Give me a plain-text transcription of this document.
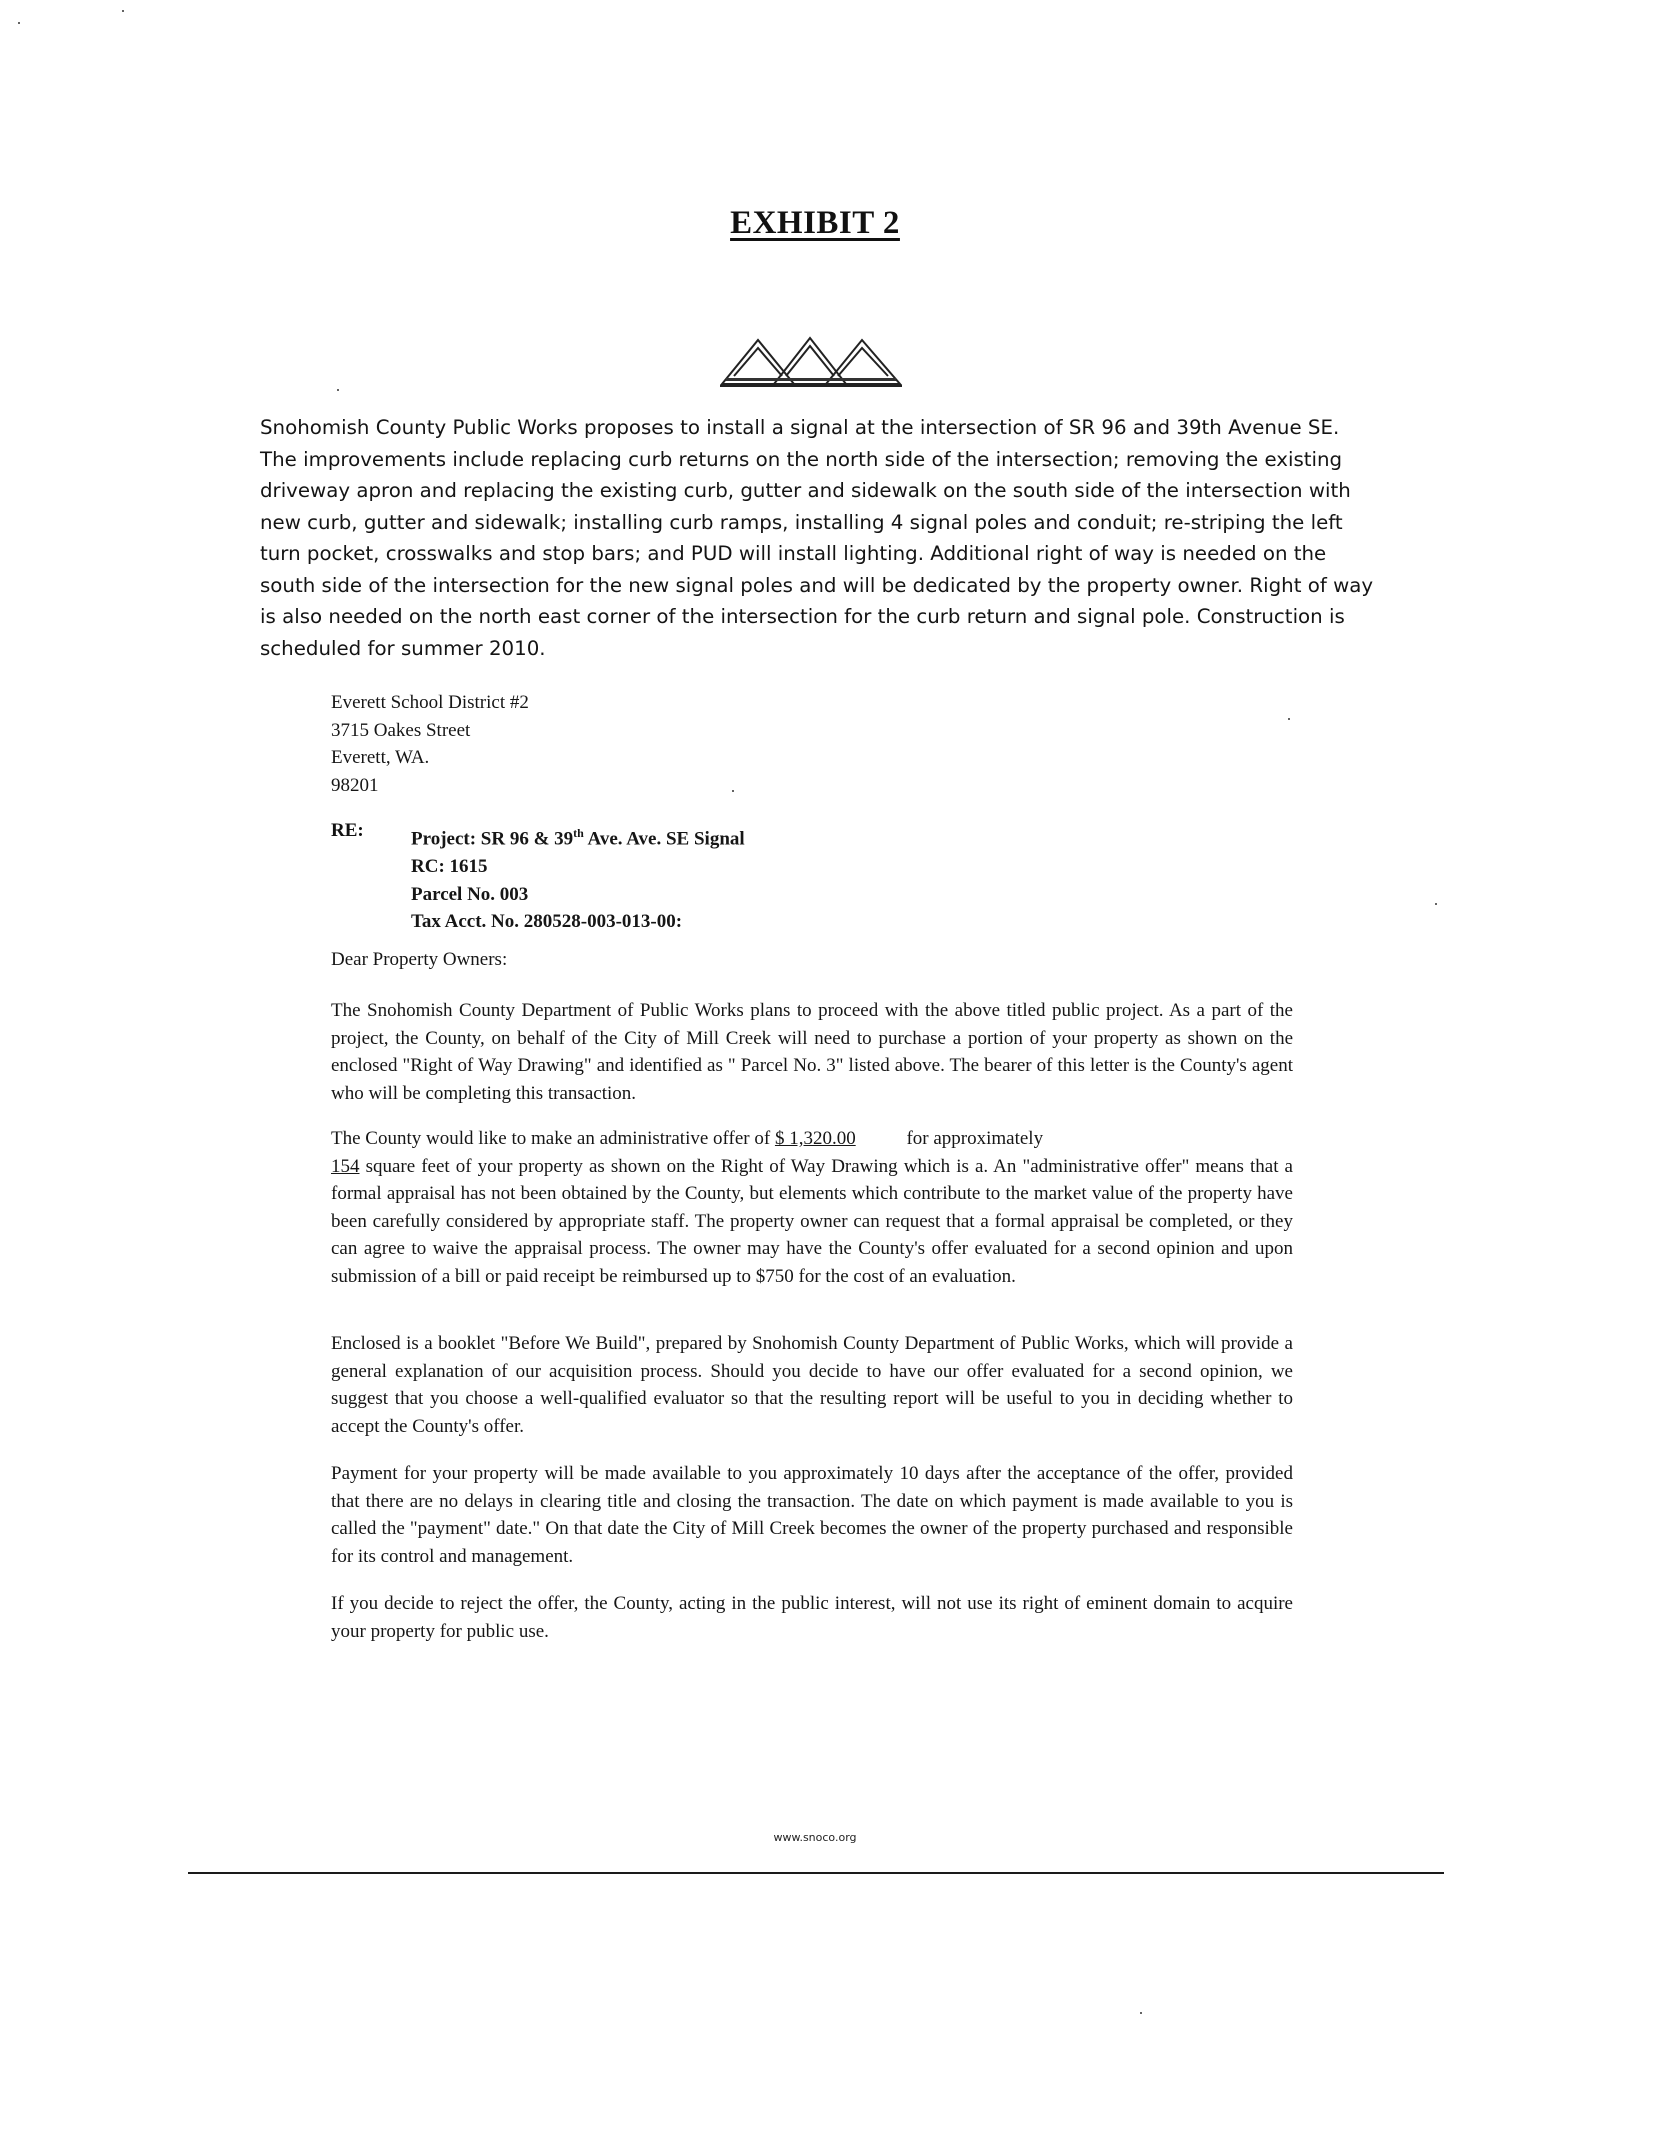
EXHIBIT 2

Snohomish County Public Works proposes to install a signal at the intersection of SR 96 and 39th Avenue SE. The improvements include replacing curb returns on the north side of the intersection; removing the existing driveway apron and replacing the existing curb, gutter and sidewalk on the south side of the intersection with new curb, gutter and sidewalk; installing curb ramps, installing 4 signal poles and conduit; re-striping the left turn pocket, crosswalks and stop bars; and PUD will install lighting. Additional right of way is needed on the south side of the intersection for the new signal poles and will be dedicated by the property owner. Right of way is also needed on the north east corner of the intersection for the curb return and signal pole. Construction is scheduled for summer 2010.

Everett School District #2
3715 Oakes Street
Everett, WA.
98201
RE: Project: SR 96 & 39th Ave. Ave. SE Signal
RC: 1615
Parcel No. 003
Tax Acct. No. 280528-003-013-00:
Dear Property Owners:

The Snohomish County Department of Public Works plans to proceed with the above titled public project. As a part of the project, the County, on behalf of the City of Mill Creek will need to purchase a portion of your property as shown on the enclosed "Right of Way Drawing" and identified as " Parcel No. 3" listed above. The bearer of this letter is the County's agent who will be completing this transaction.

The County would like to make an administrative offer of $ 1,320.00 for approximately
154 square feet of your property as shown on the Right of Way Drawing which is a. An "administrative offer" means that a formal appraisal has not been obtained by the County, but elements which contribute to the market value of the property have been carefully considered by appropriate staff. The property owner can request that a formal appraisal be completed, or they can agree to waive the appraisal process. The owner may have the County's offer evaluated for a second opinion and upon submission of a bill or paid receipt be reimbursed up to $750 for the cost of an evaluation.

Enclosed is a booklet "Before We Build", prepared by Snohomish County Department of Public Works, which will provide a general explanation of our acquisition process. Should you decide to have our offer evaluated for a second opinion, we suggest that you choose a well-qualified evaluator so that the resulting report will be useful to you in deciding whether to accept the County's offer.

Payment for your property will be made available to you approximately 10 days after the acceptance of the offer, provided that there are no delays in clearing title and closing the transaction. The date on which payment is made available to you is called the "payment" date." On that date the City of Mill Creek becomes the owner of the property purchased and responsible for its control and management.

If you decide to reject the offer, the County, acting in the public interest, will not use its right of eminent domain to acquire your property for public use.

www.snoco.org
